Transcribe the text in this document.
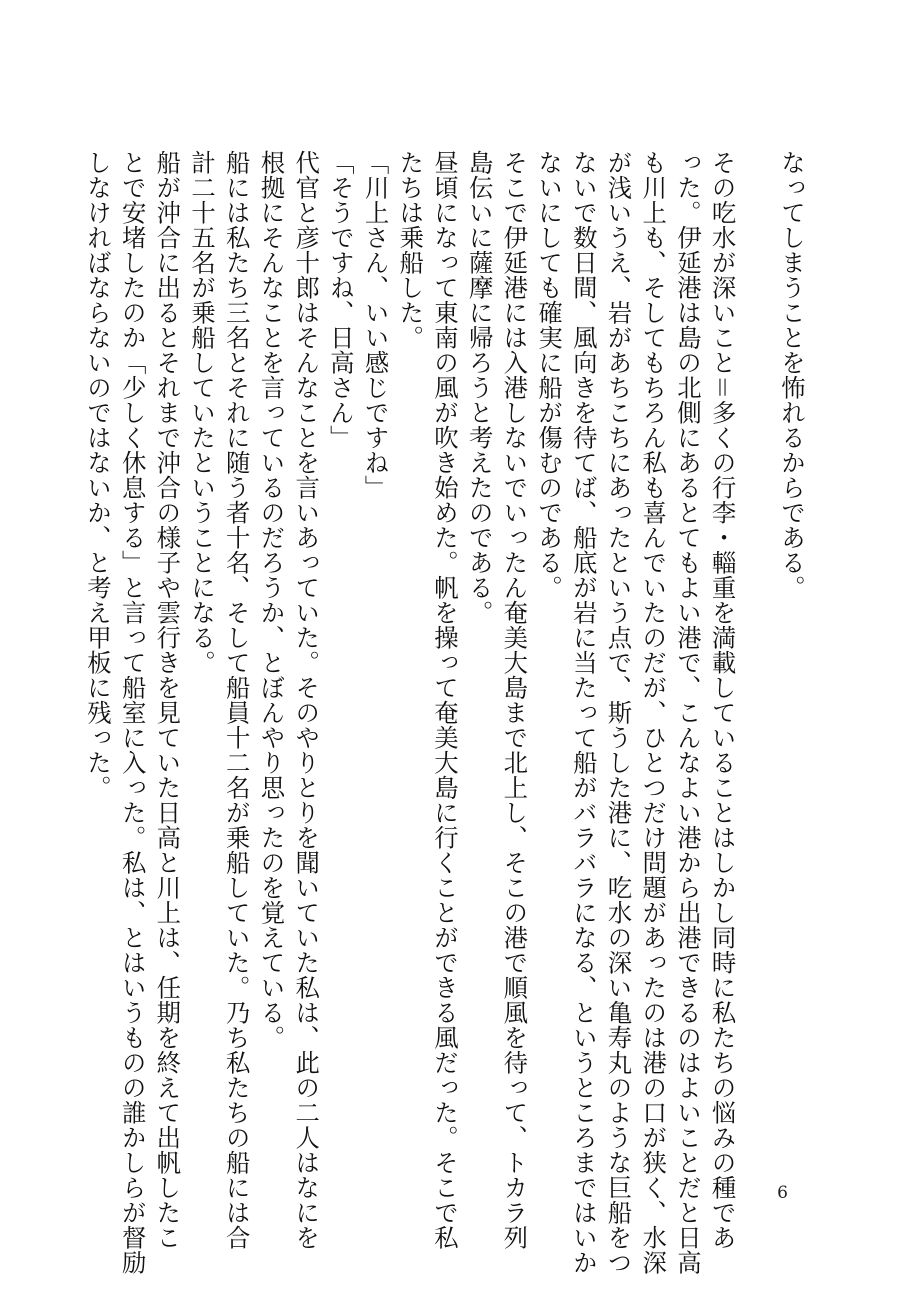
なってしまうことを怖れるからである。

その吃水が深いこと＝多くの行李・輜重を満載していることはしかし同時に私たちの悩みの種であ

った。伊延港は島の北側にあるとてもよい港で、こんなよい港から出港できるのはよいことだと日高

も川上も、そしてもちろん私も喜んでいたのだが、ひとつだけ問題があったのは港の口が狭く、水深

が浅いうえ、岩があちこちにあったという点で、斯うした港に、吃水の深い亀寿丸のような巨船をつ

ないで数日間、風向きを待てば、船底が岩に当たって船がバラバラになる、というところまではいか

ないにしても確実に船が傷むのである。

そこで伊延港には入港しないでいったん奄美大島まで北上し、そこの港で順風を待って、トカラ列

島伝いに薩摩に帰ろうと考えたのである。

昼頃になって東南の風が吹き始めた。帆を操って奄美大島に行くことができる風だった。そこで私

たちは乗船した。

「川上さん、いい感じですね」

「そうですね、日高さん」

代官と彦十郎はそんなことを言いあっていた。そのやりとりを聞いていた私は、此の二人はなにを

根拠にそんなことを言っているのだろうか、とぼんやり思ったのを覚えている。

船には私たち三名とそれに随う者十名、そして船員十二名が乗船していた。乃ち私たちの船には合

計二十五名が乗船していたということになる。

船が沖合に出るとそれまで沖合の様子や雲行きを見ていた日高と川上は、任期を終えて出帆したこ

とで安堵したのか「少しく休息する」と言って船室に入った。私は、とはいうものの誰かしらが督励

しなければならないのではないか、と考え甲板に残った。

6
